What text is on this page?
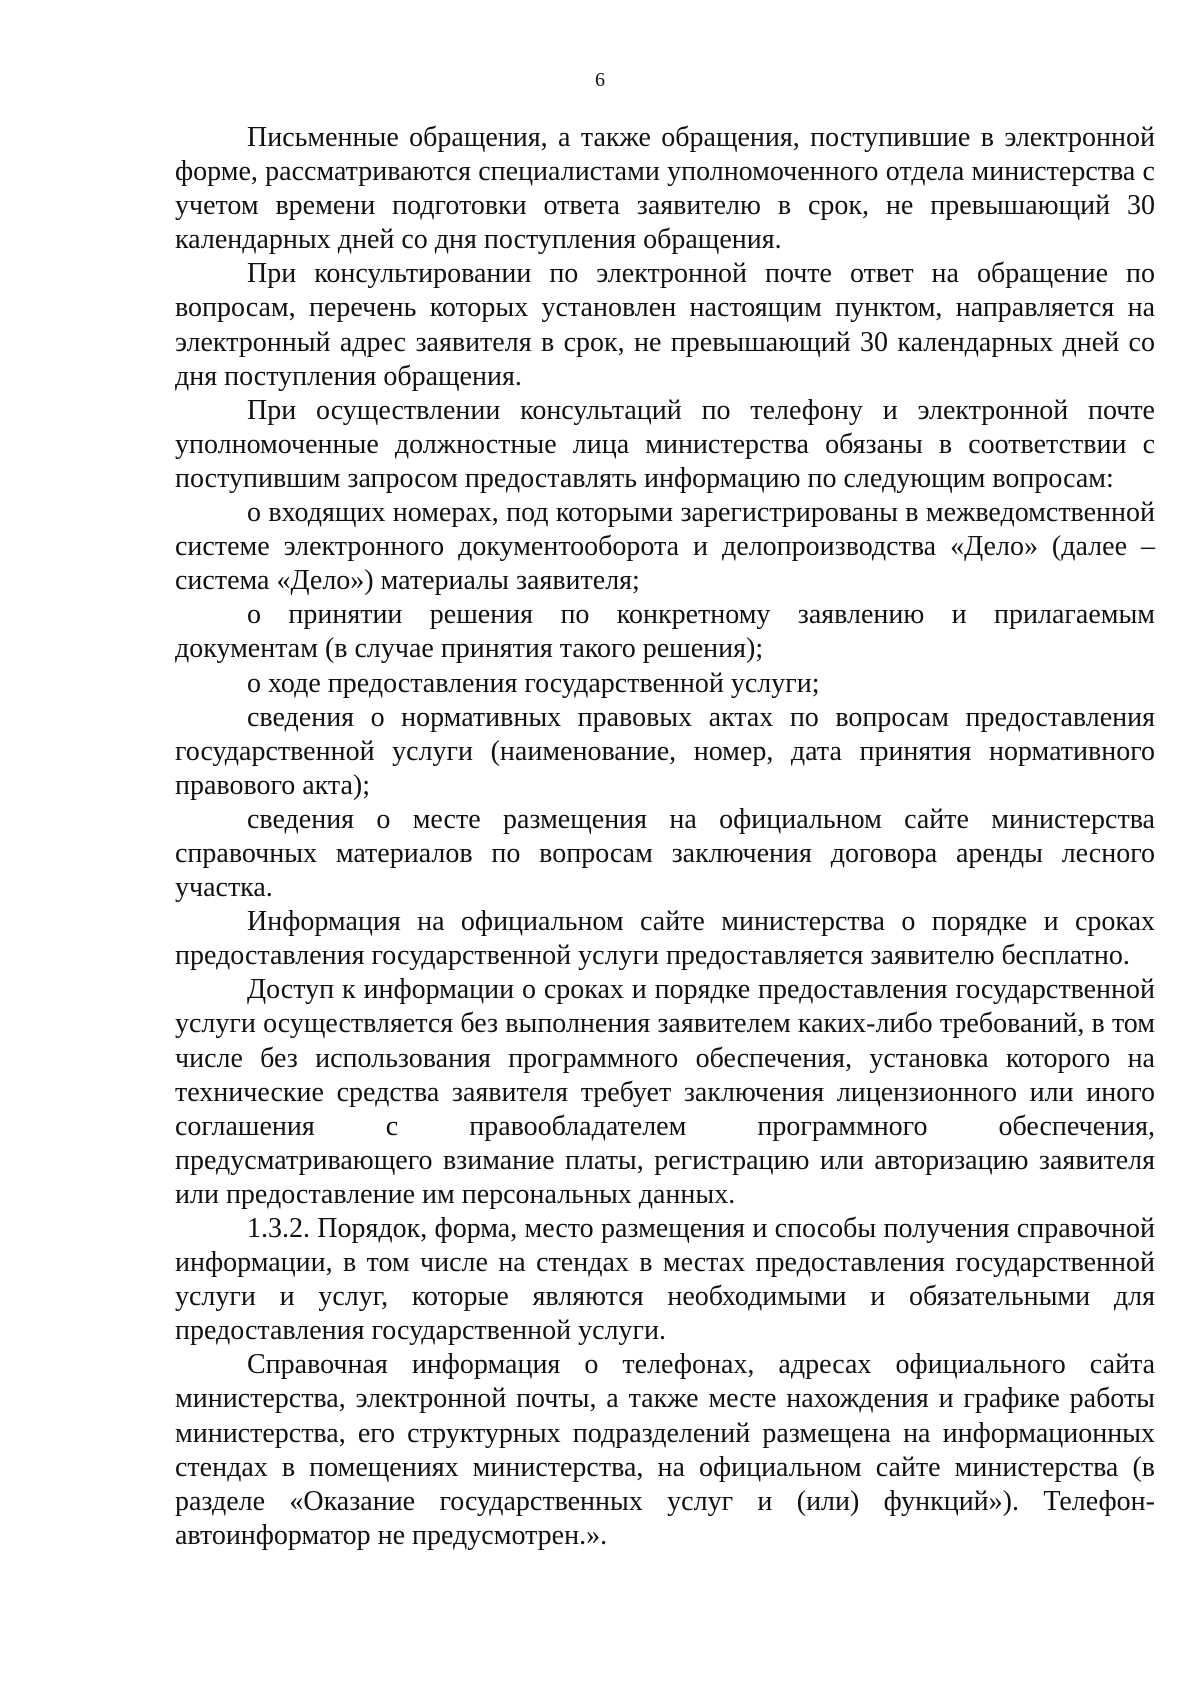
6

Письменные обращения, а также обращения, поступившие в электронной форме, рассматриваются специалистами уполномоченного отдела министерства с учетом времени подготовки ответа заявителю в срок, не превышающий 30 календарных дней со дня поступления обращения.

При консультировании по электронной почте ответ на обращение по вопросам, перечень которых установлен настоящим пунктом, направляется на электронный адрес заявителя в срок, не превышающий 30 календарных дней со дня поступления обращения.

При осуществлении консультаций по телефону и электронной почте уполномоченные должностные лица министерства обязаны в соответствии с поступившим запросом предоставлять информацию по следующим вопросам:

о входящих номерах, под которыми зарегистрированы в межведомственной системе электронного документооборота и делопроизводства «Дело» (далее – система «Дело») материалы заявителя;

о принятии решения по конкретному заявлению и прилагаемым документам (в случае принятия такого решения);

о ходе предоставления государственной услуги;

сведения о нормативных правовых актах по вопросам предоставления государственной услуги (наименование, номер, дата принятия нормативного правового акта);

сведения о месте размещения на официальном сайте министерства справочных материалов по вопросам заключения договора аренды лесного участка.

Информация на официальном сайте министерства о порядке и сроках предоставления государственной услуги предоставляется заявителю бесплатно.

Доступ к информации о сроках и порядке предоставления государственной услуги осуществляется без выполнения заявителем каких-либо требований, в том числе без использования программного обеспечения, установка которого на технические средства заявителя требует заключения лицензионного или иного соглашения с правообладателем программного обеспечения, предусматривающего взимание платы, регистрацию или авторизацию заявителя или предоставление им персональных данных.

1.3.2. Порядок, форма, место размещения и способы получения справочной информации, в том числе на стендах в местах предоставления государственной услуги и услуг, которые являются необходимыми и обязательными для предоставления государственной услуги.

Справочная информация о телефонах, адресах официального сайта министерства, электронной почты, а также месте нахождения и графике работы министерства, его структурных подразделений размещена на информационных стендах в помещениях министерства, на официальном сайте министерства (в разделе «Оказание государственных услуг и (или) функций»). Телефон-автоинформатор не предусмотрен.».
